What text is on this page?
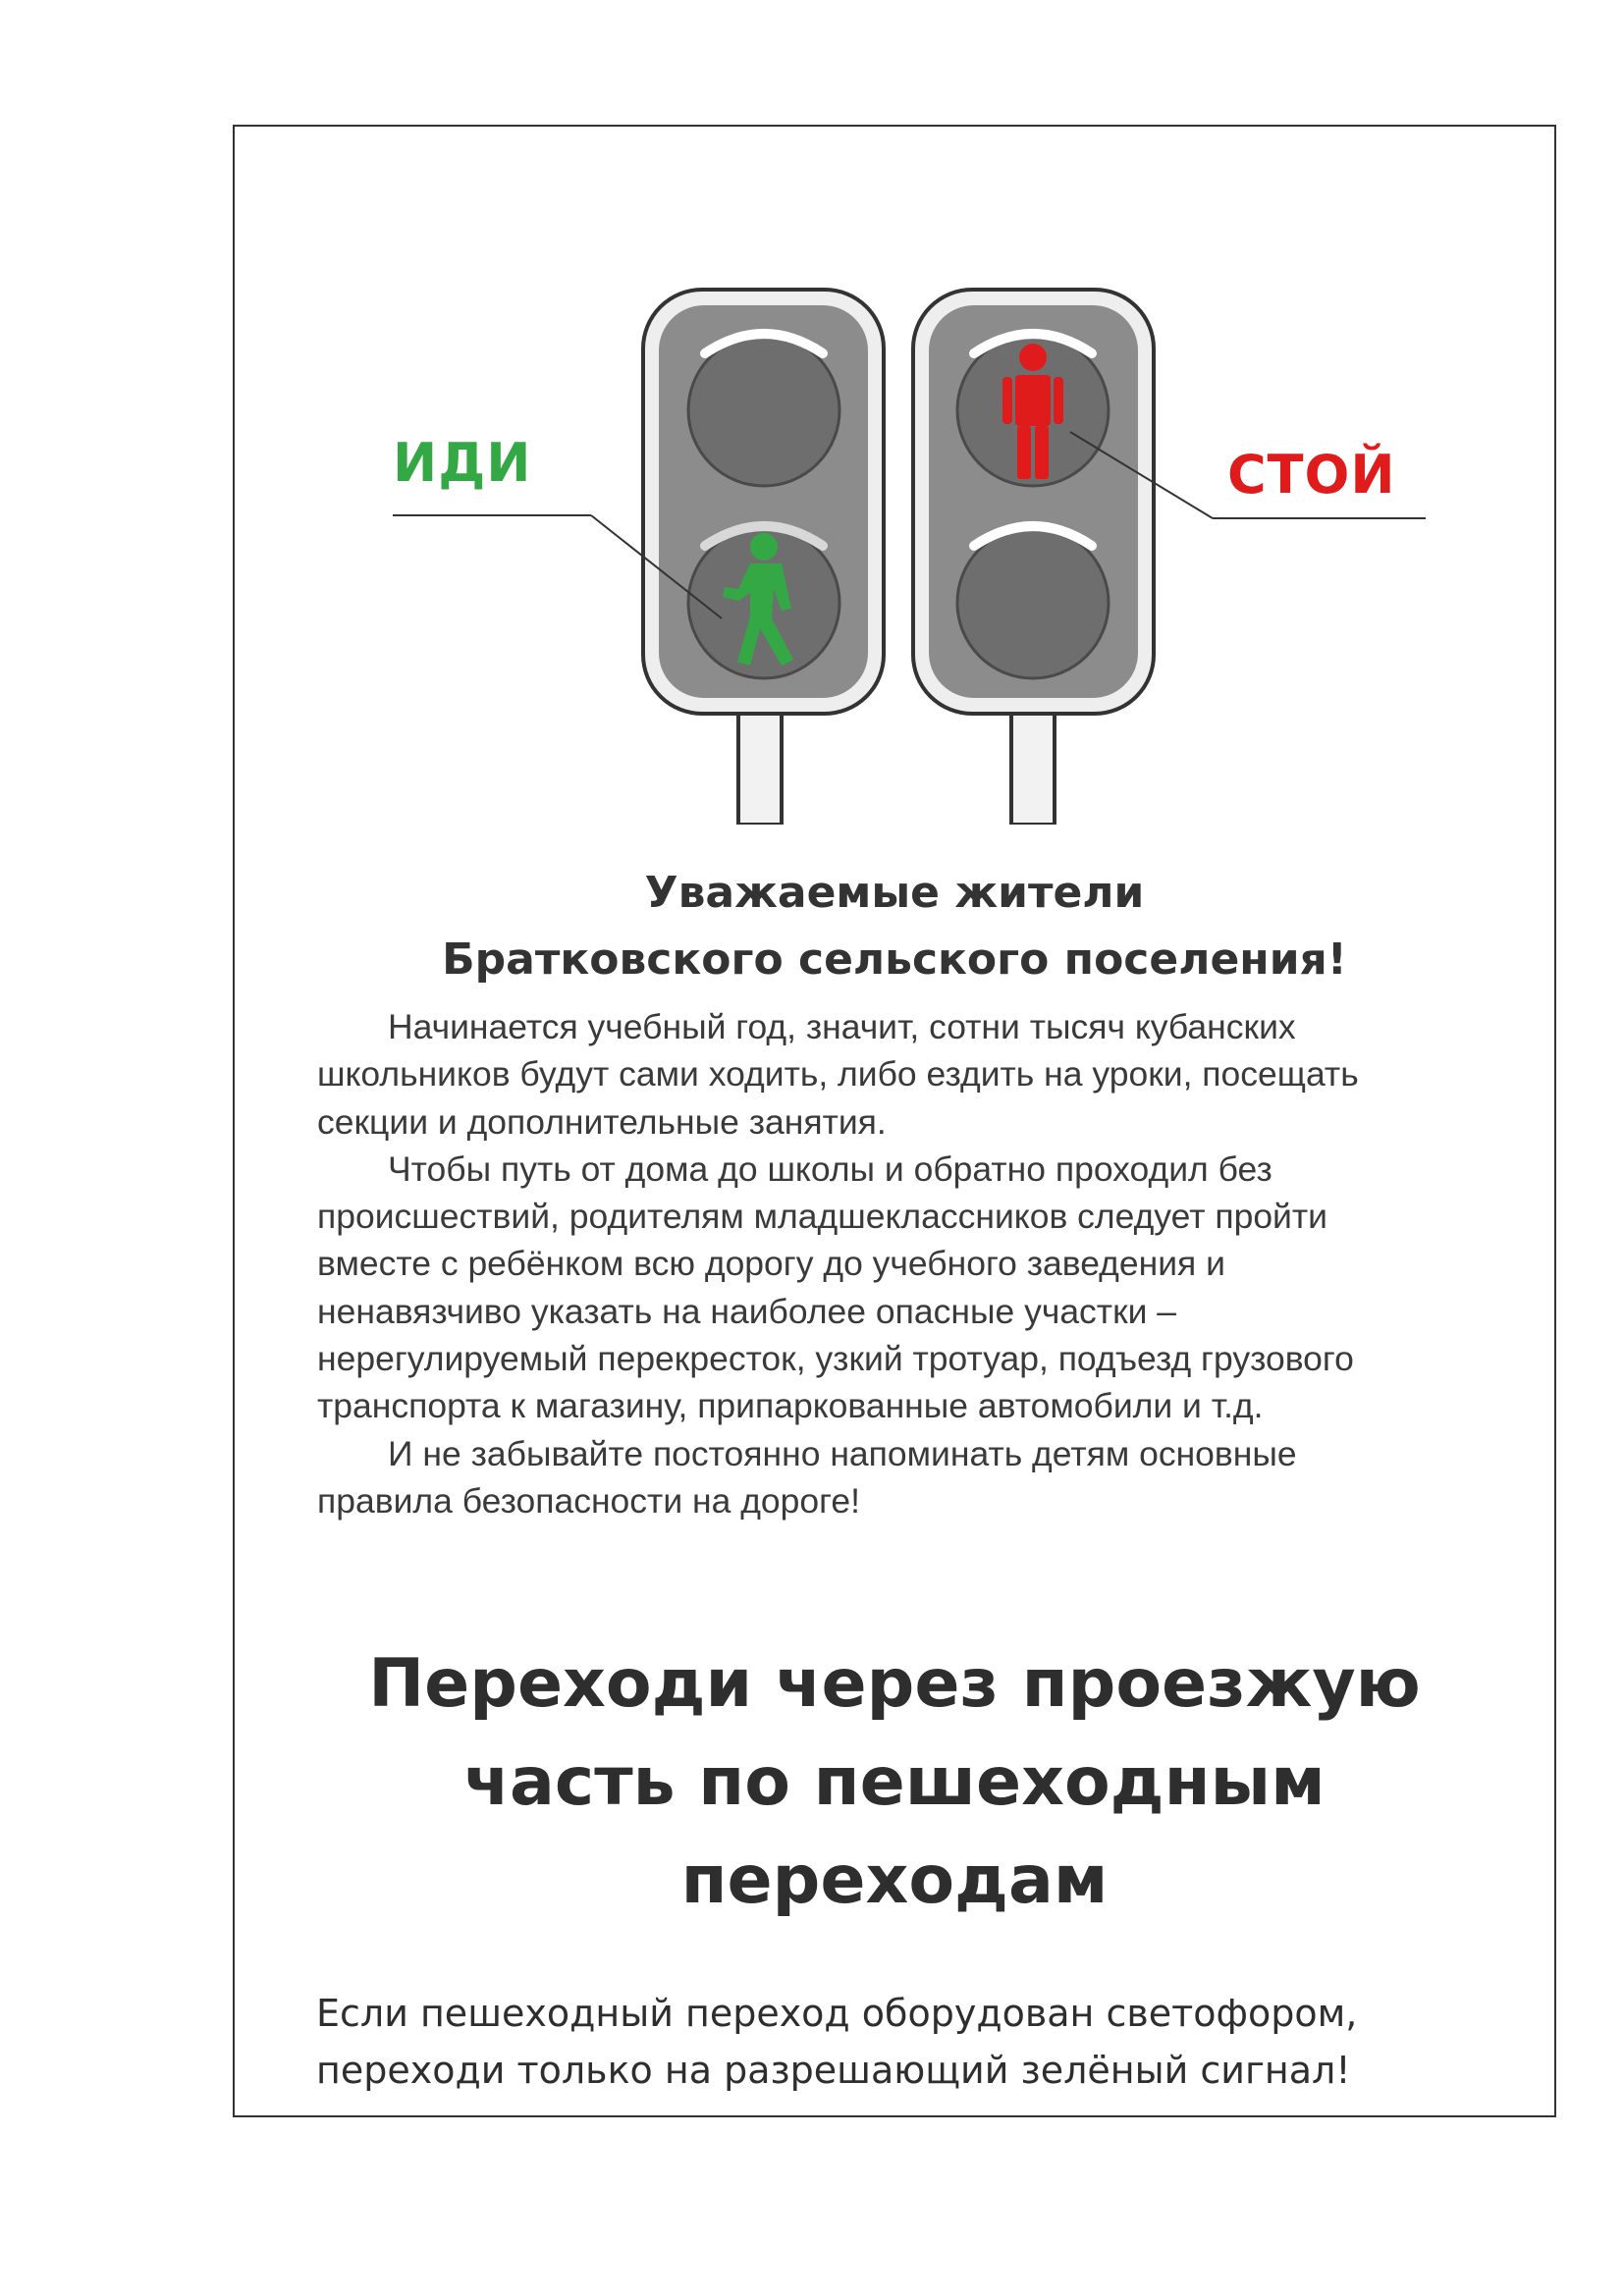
ИДИ	СТОЙ
Уважаемые жители
Братковского сельского поселения!
Начинается учебный год, значит, сотни тысяч кубанских
школьников будут сами ходить, либо ездить на уроки, посещать
секции и дополнительные занятия.
Чтобы путь от дома до школы и обратно проходил без
происшествий, родителям младшеклассников следует пройти
вместе с ребёнком всю дорогу до учебного заведения и
ненавязчиво указать на наиболее опасные участки –
нерегулируемый перекресток, узкий тротуар, подъезд грузового
транспорта к магазину, припаркованные автомобили и т.д.
И не забывайте постоянно напоминать детям основные
правила безопасности на дороге!
Переходи через проезжую
часть по пешеходным
переходам
Если пешеходный переход оборудован светофором,
переходи только на разрешающий зелёный сигнал!
